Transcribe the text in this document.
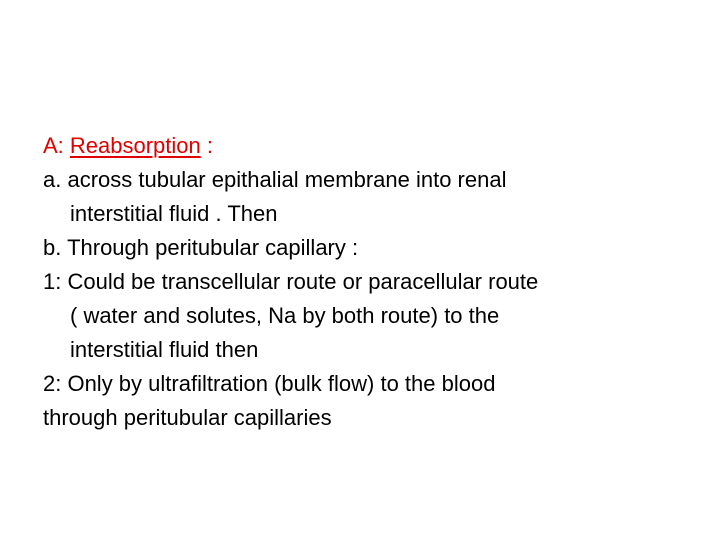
A: Reabsorption :
a. across tubular epithalial membrane into renal
interstitial fluid . Then
b. Through peritubular capillary :
1: Could be transcellular route or paracellular route
( water and solutes, Na by both route) to the
interstitial fluid then
2: Only by ultrafiltration (bulk flow) to the blood
through peritubular capillaries
